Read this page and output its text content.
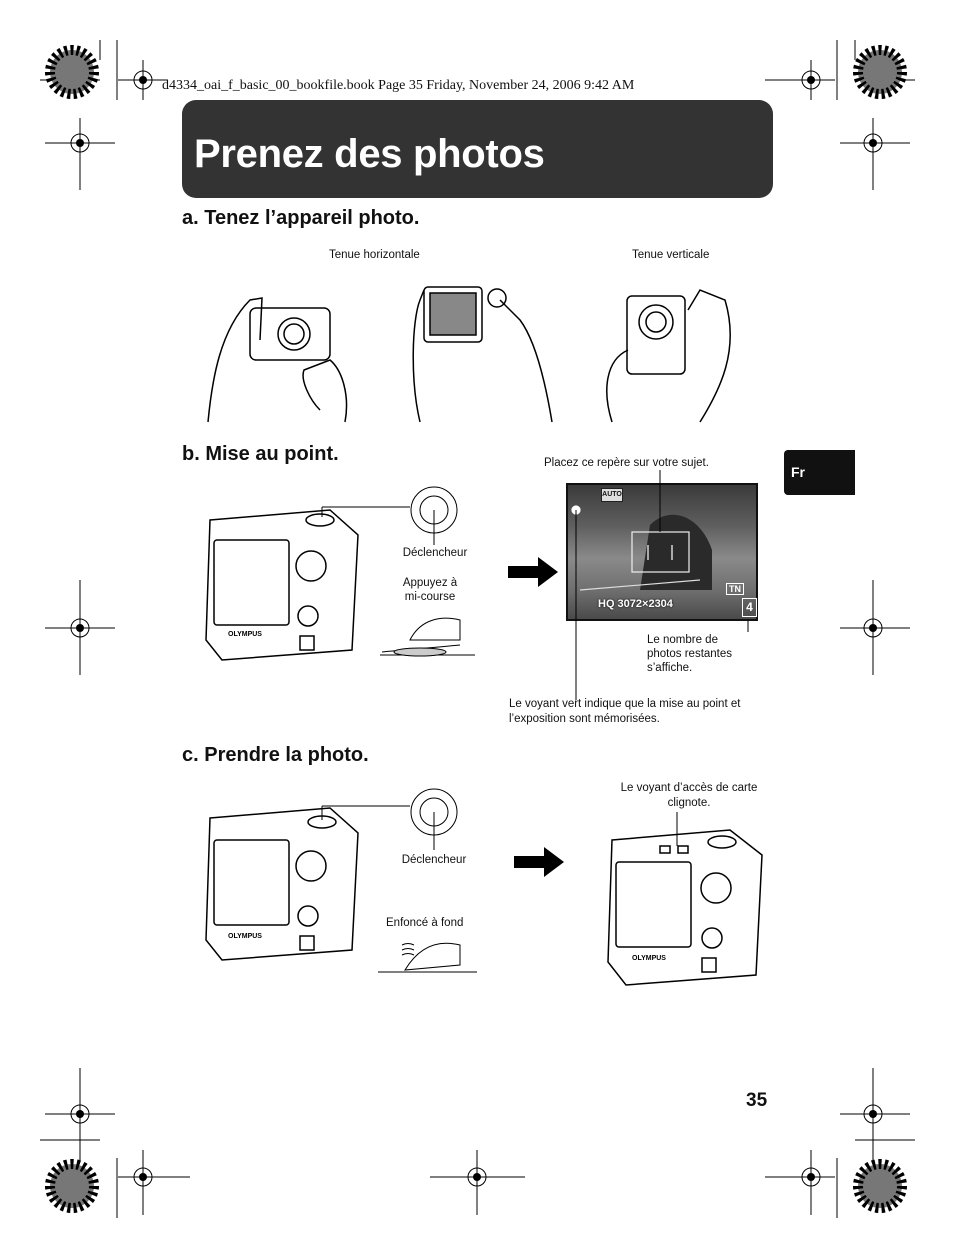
d4334_oai_f_basic_00_bookfile.book Page 35 Friday, November 24, 2006 9:42 AM
Prenez des photos
a. Tenez l’appareil photo.
Tenue horizontale	Tenue verticale
b. Mise au point.
OLYMPUS
Déclencheur
Appuyez à
mi-course
Placez ce repère sur votre sujet.
AUTO
TN
HQ 3072×2304	4
Le nombre de
photos restantes
s’affiche.
Le voyant vert indique que la mise au point et
l’exposition sont mémorisées.
c. Prendre la photo.
OLYMPUS
OLYMPUS
Déclencheur
Enfoncé à fond
Le voyant d’accès de carte
clignote.
Fr
35
